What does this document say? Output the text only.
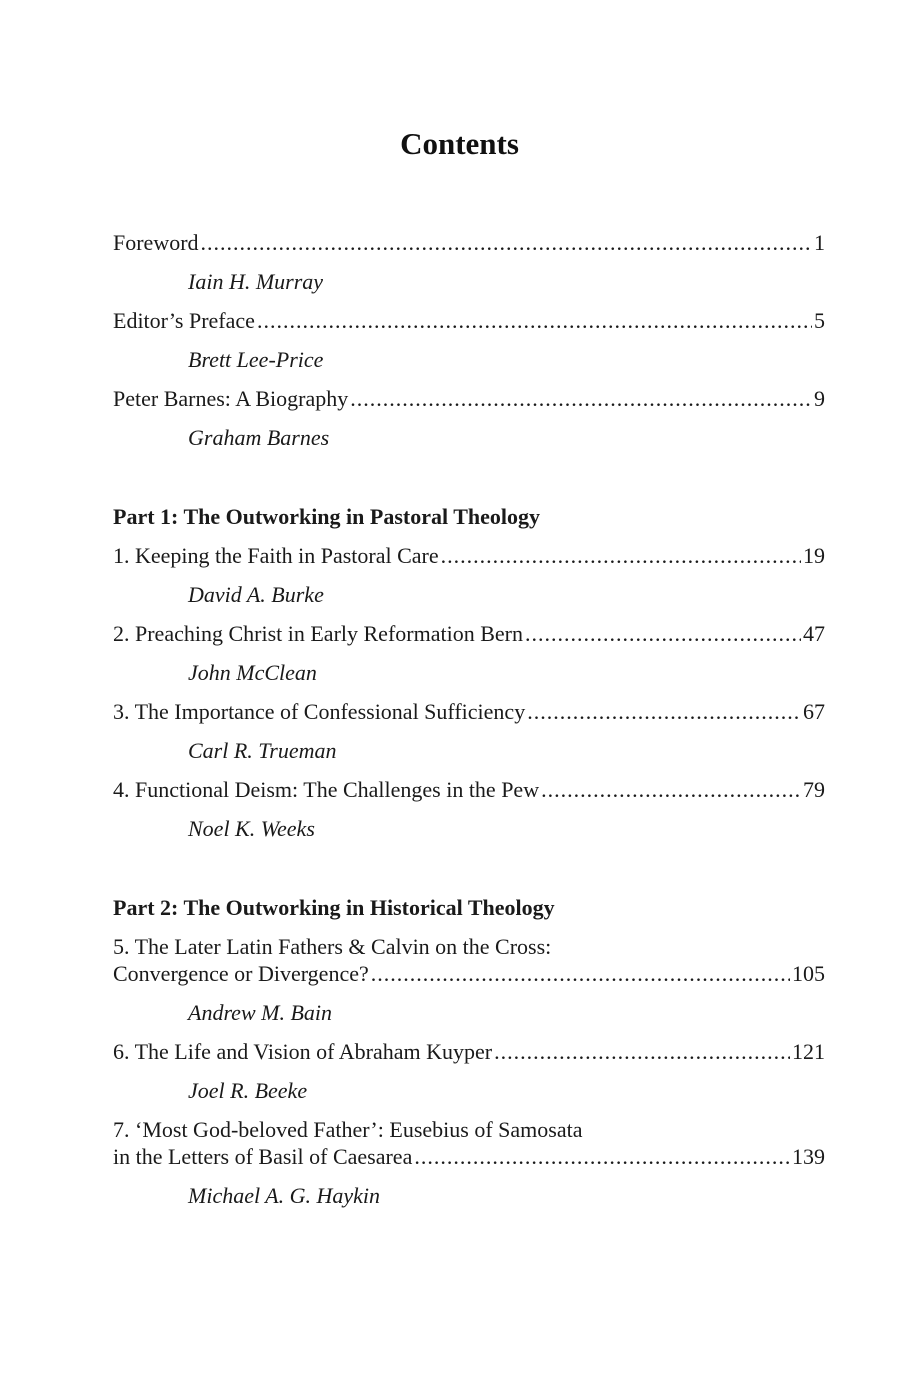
Contents
Foreword .....	1
Iain H. Murray
Editor’s Preface .....	5
Brett Lee-Price
Peter Barnes: A Biography .....	9
Graham Barnes
Part 1: The Outworking in Pastoral Theology
1. Keeping the Faith in Pastoral Care .....	19
David A. Burke
2. Preaching Christ in Early Reformation Bern .....	47
John McClean
3. The Importance of Confessional Sufficiency .....	67
Carl R. Trueman
4. Functional Deism: The Challenges in the Pew .....	79
Noel K. Weeks
Part 2: The Outworking in Historical Theology
5. The Later Latin Fathers & Calvin on the Cross:
Convergence or Divergence? .....	105
Andrew M. Bain
6. The Life and Vision of Abraham Kuyper .....	121
Joel R. Beeke
7. ‘Most God-beloved Father’: Eusebius of Samosata
in the Letters of Basil of Caesarea .....	139
Michael A. G. Haykin
